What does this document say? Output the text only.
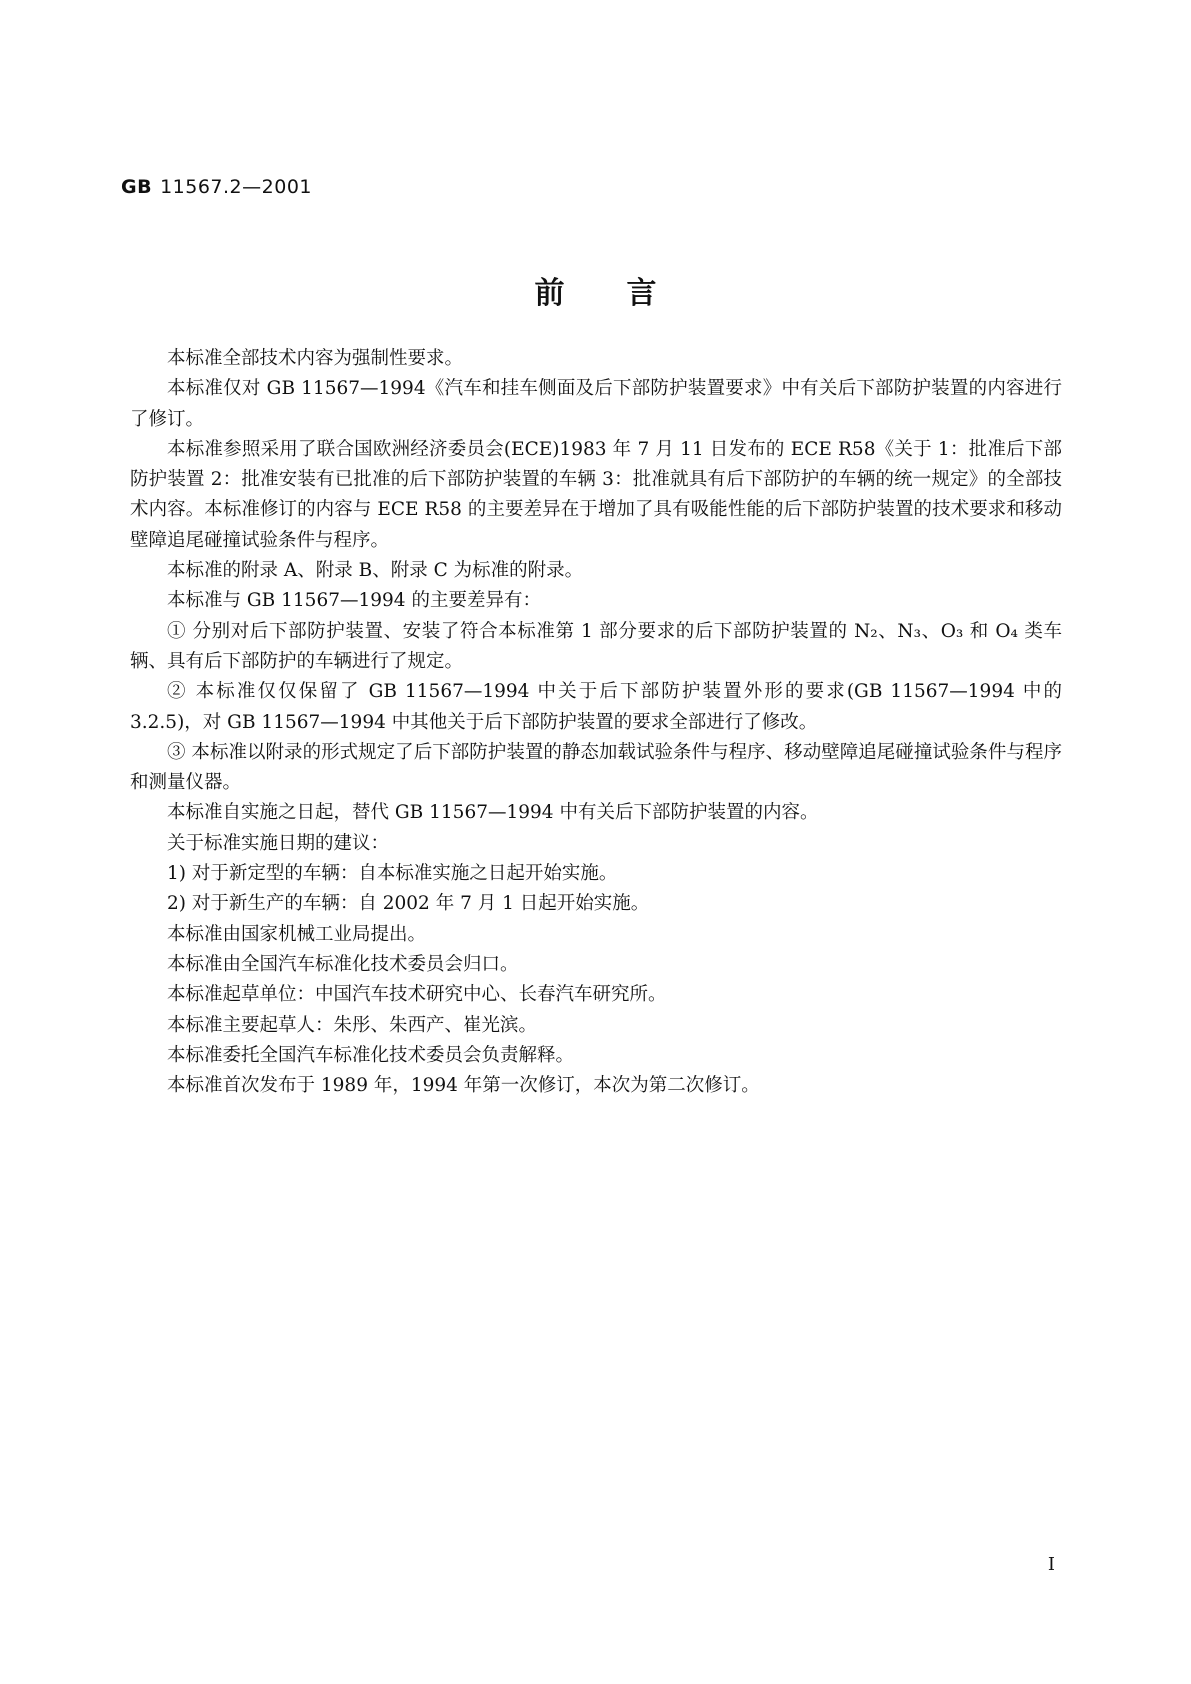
GB 11567.2—2001
前言

本标准全部技术内容为强制性要求。

本标准仅对 GB 11567—1994《汽车和挂车侧面及后下部防护装置要求》中有关后下部防护装置的内容进行了修订。

本标准参照采用了联合国欧洲经济委员会(ECE)1983 年 7 月 11 日发布的 ECE R58《关于 1：批准后下部防护装置 2：批准安装有已批准的后下部防护装置的车辆 3：批准就具有后下部防护的车辆的统一规定》的全部技术内容。本标准修订的内容与 ECE R58 的主要差异在于增加了具有吸能性能的后下部防护装置的技术要求和移动壁障追尾碰撞试验条件与程序。

本标准的附录 A、附录 B、附录 C 为标准的附录。

本标准与 GB 11567—1994 的主要差异有：

① 分别对后下部防护装置、安装了符合本标准第 1 部分要求的后下部防护装置的 N₂、N₃、O₃ 和 O₄ 类车辆、具有后下部防护的车辆进行了规定。

② 本标准仅仅保留了 GB 11567—1994 中关于后下部防护装置外形的要求(GB 11567—1994 中的 3.2.5)，对 GB 11567—1994 中其他关于后下部防护装置的要求全部进行了修改。

③ 本标准以附录的形式规定了后下部防护装置的静态加载试验条件与程序、移动壁障追尾碰撞试验条件与程序和测量仪器。

本标准自实施之日起，替代 GB 11567—1994 中有关后下部防护装置的内容。

关于标准实施日期的建议：

1) 对于新定型的车辆：自本标准实施之日起开始实施。

2) 对于新生产的车辆：自 2002 年 7 月 1 日起开始实施。

本标准由国家机械工业局提出。

本标准由全国汽车标准化技术委员会归口。

本标准起草单位：中国汽车技术研究中心、长春汽车研究所。

本标准主要起草人：朱彤、朱西产、崔光滨。

本标准委托全国汽车标准化技术委员会负责解释。

本标准首次发布于 1989 年，1994 年第一次修订，本次为第二次修订。

I
